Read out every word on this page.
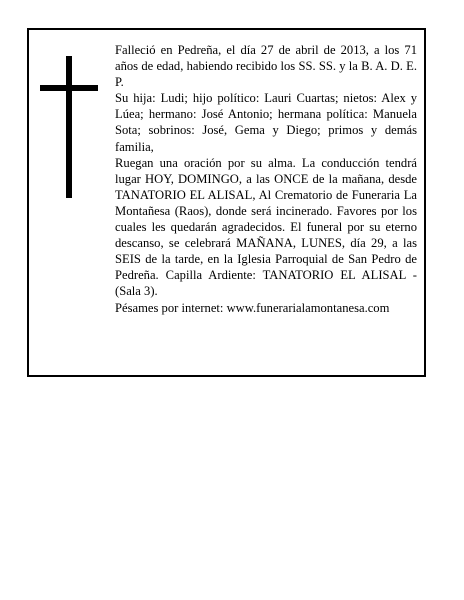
Falleció en Pedreña, el día 27 de abril de 2013, a los 71 años de edad, habiendo recibido los SS. SS. y la B. A. D. E. P.

Su hija: Ludi; hijo político: Lauri Cuartas; nietos: Alex y Lúea; hermano: José Antonio; hermana política: Manuela Sota; sobrinos: José, Gema y Diego; primos y demás familia,

Ruegan una oración por su alma. La conducción tendrá lugar HOY, DOMINGO, a las ONCE de la mañana, desde TANATORIO EL ALISAL, Al Crematorio de Funeraria La Montañesa (Raos), donde será incinerado. Favores por los cuales les quedarán agradecidos. El funeral por su eterno descanso, se celebrará MAÑANA, LUNES, día 29, a las SEIS de la tarde, en la Iglesia Parroquial de San Pedro de Pedreña. Capilla Ardiente: TANATORIO EL ALISAL - (Sala 3).

Pésames por internet: www.funerarialamontanesa.com
